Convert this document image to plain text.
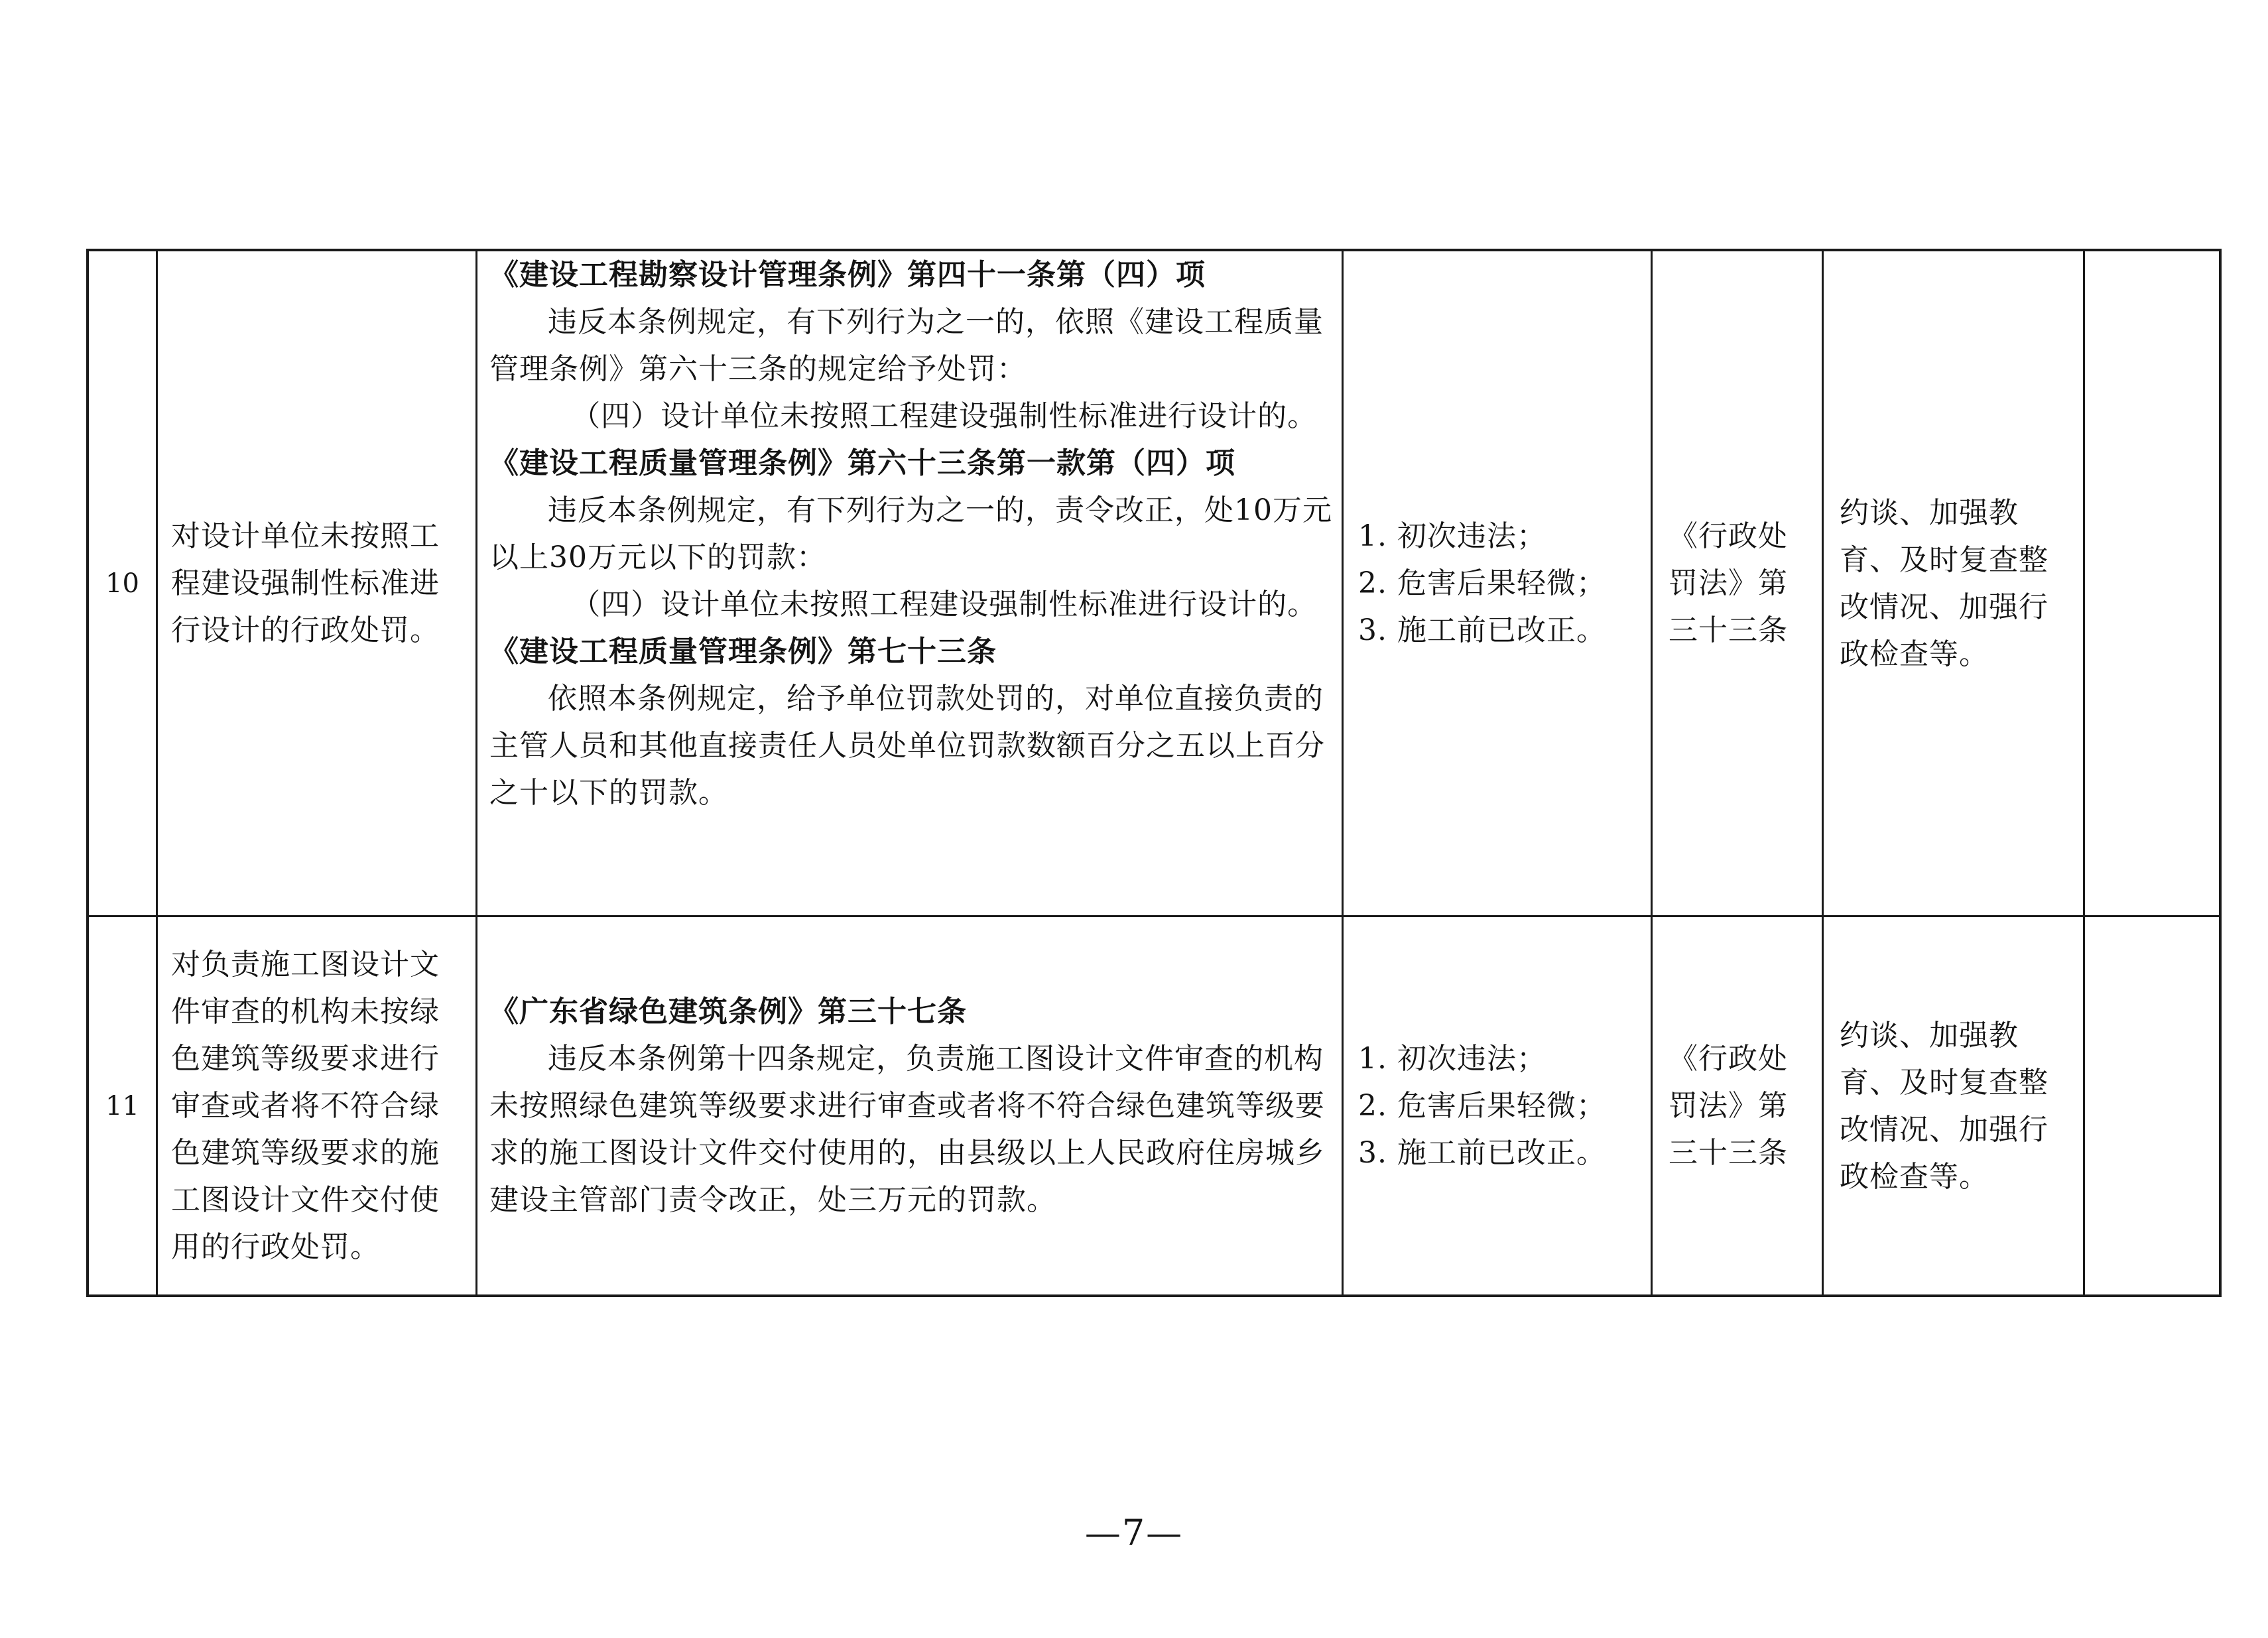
10
对设计单位未按照工程建设强制性标准进行设计的行政处罚。
《建设工程勘察设计管理条例》第四十一条第（四）项
违反本条例规定，有下列行为之一的，依照《建设工程质量管理条例》第六十三条的规定给予处罚：
（四）设计单位未按照工程建设强制性标准进行设计的。
《建设工程质量管理条例》第六十三条第一款第（四）项
违反本条例规定，有下列行为之一的，责令改正，处10万元以上30万元以下的罚款：
（四）设计单位未按照工程建设强制性标准进行设计的。
《建设工程质量管理条例》第七十三条
依照本条例规定，给予单位罚款处罚的，对单位直接负责的主管人员和其他直接责任人员处单位罚款数额百分之五以上百分之十以下的罚款。
1. 初次违法；
2. 危害后果轻微；
3. 施工前已改正。
《行政处罚法》第三十三条
约谈、加强教育、及时复查整改情况、加强行政检查等。
11
对负责施工图设计文件审查的机构未按绿色建筑等级要求进行审查或者将不符合绿色建筑等级要求的施工图设计文件交付使用的行政处罚。
《广东省绿色建筑条例》第三十七条
违反本条例第十四条规定，负责施工图设计文件审查的机构未按照绿色建筑等级要求进行审查或者将不符合绿色建筑等级要求的施工图设计文件交付使用的，由县级以上人民政府住房城乡建设主管部门责令改正，处三万元的罚款。
1. 初次违法；
2. 危害后果轻微；
3. 施工前已改正。
《行政处罚法》第三十三条
约谈、加强教育、及时复查整改情况、加强行政检查等。
—7—
